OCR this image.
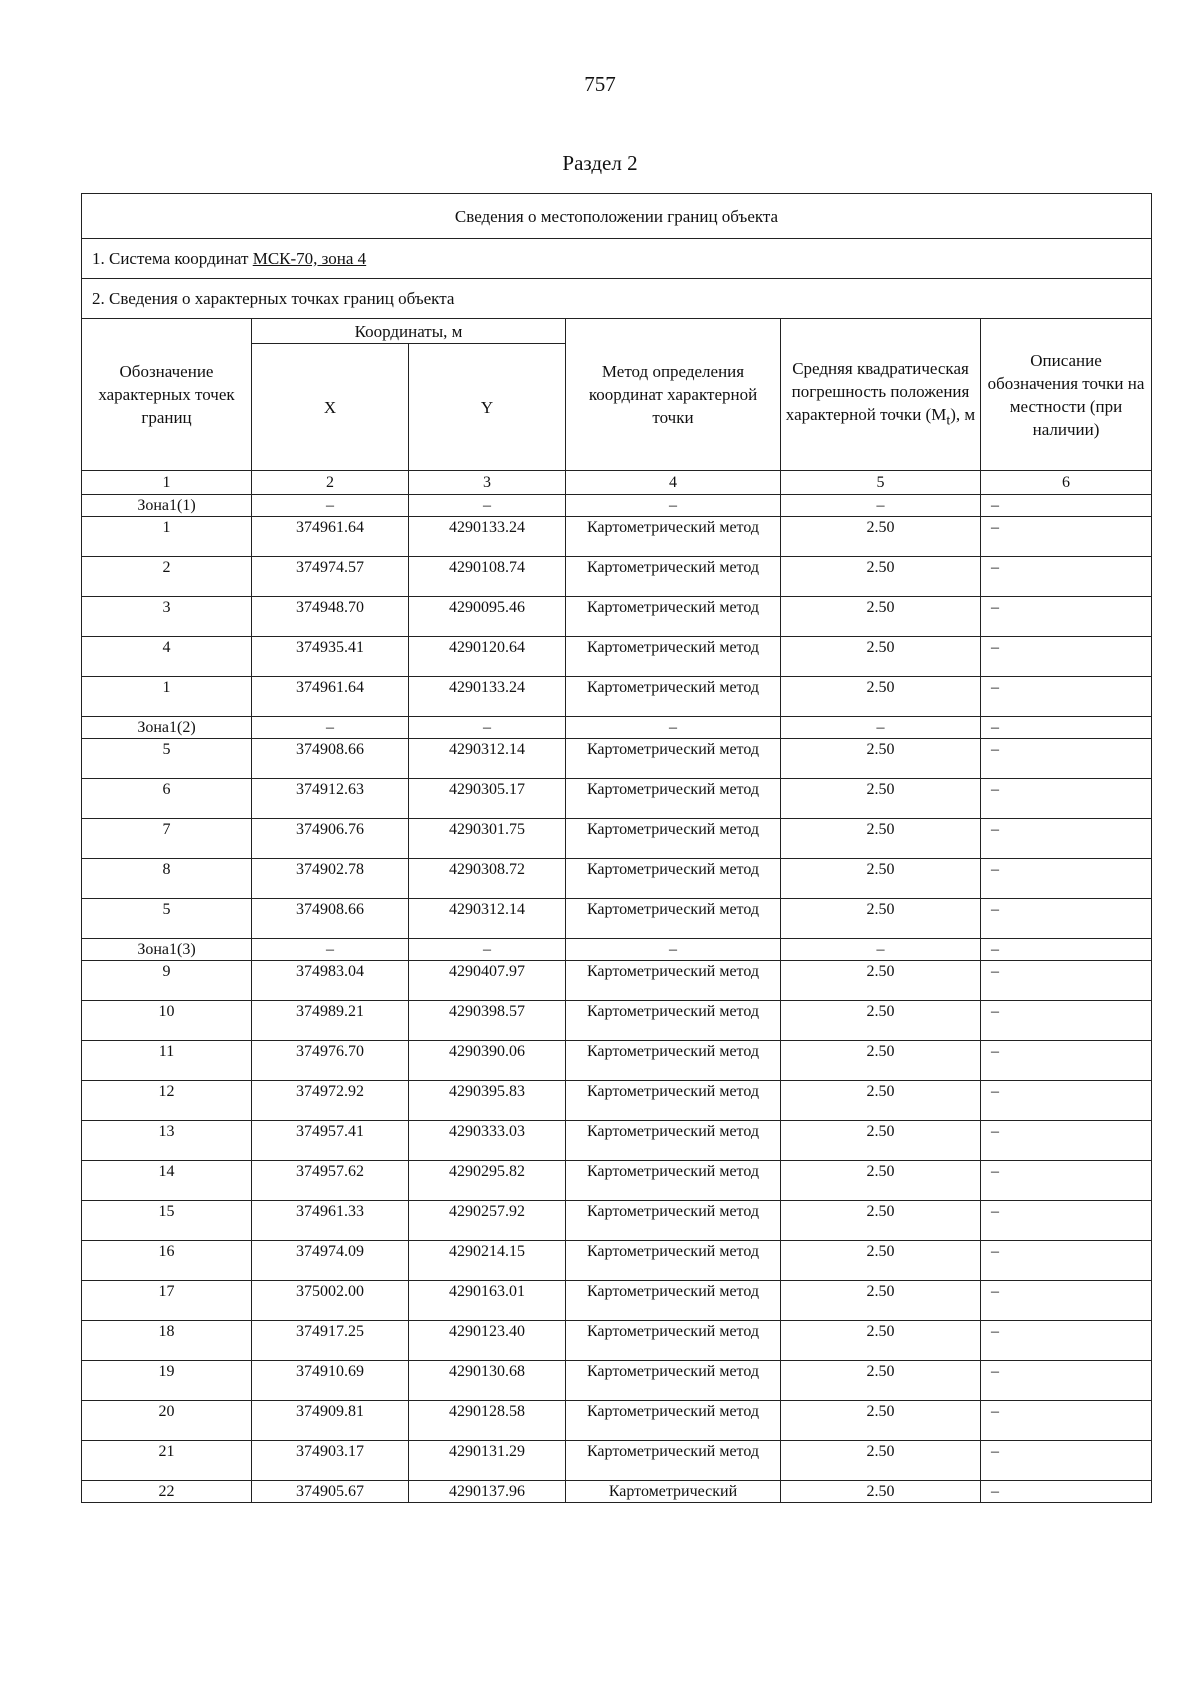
757
Раздел 2
Сведения о местоположении границ объекта					
1. Система координат МСК-70, зона 4					
2. Сведения о характерных точках границ объекта					
Обозначение характерных точек границ	Координаты, м		Метод определения координат характерной точки	Средняя квадратическая погрешность положения характерной точки $(M_t)$, м	Описание обозначения точки на местности (при наличии)
	X	Y			
1	2	3	4	5	6
Зона1(1)	–	–	–	–	–
1	374961.64	4290133.24	Картометрический метод	2.50	–
2	374974.57	4290108.74	Картометрический метод	2.50	–
3	374948.70	4290095.46	Картометрический метод	2.50	–
4	374935.41	4290120.64	Картометрический метод	2.50	–
1	374961.64	4290133.24	Картометрический метод	2.50	–
Зона1(2)	–	–	–	–	–
5	374908.66	4290312.14	Картометрический метод	2.50	–
6	374912.63	4290305.17	Картометрический метод	2.50	–
7	374906.76	4290301.75	Картометрический метод	2.50	–
8	374902.78	4290308.72	Картометрический метод	2.50	–
5	374908.66	4290312.14	Картометрический метод	2.50	–
Зона1(3)	–	–	–	–	–
9	374983.04	4290407.97	Картометрический метод	2.50	–
10	374989.21	4290398.57	Картометрический метод	2.50	–
11	374976.70	4290390.06	Картометрический метод	2.50	–
12	374972.92	4290395.83	Картометрический метод	2.50	–
13	374957.41	4290333.03	Картометрический метод	2.50	–
14	374957.62	4290295.82	Картометрический метод	2.50	–
15	374961.33	4290257.92	Картометрический метод	2.50	–
16	374974.09	4290214.15	Картометрический метод	2.50	–
17	375002.00	4290163.01	Картометрический метод	2.50	–
18	374917.25	4290123.40	Картометрический метод	2.50	–
19	374910.69	4290130.68	Картометрический метод	2.50	–
20	374909.81	4290128.58	Картометрический метод	2.50	–
21	374903.17	4290131.29	Картометрический метод	2.50	–
22	374905.67	4290137.96	Картометрический	2.50	–
